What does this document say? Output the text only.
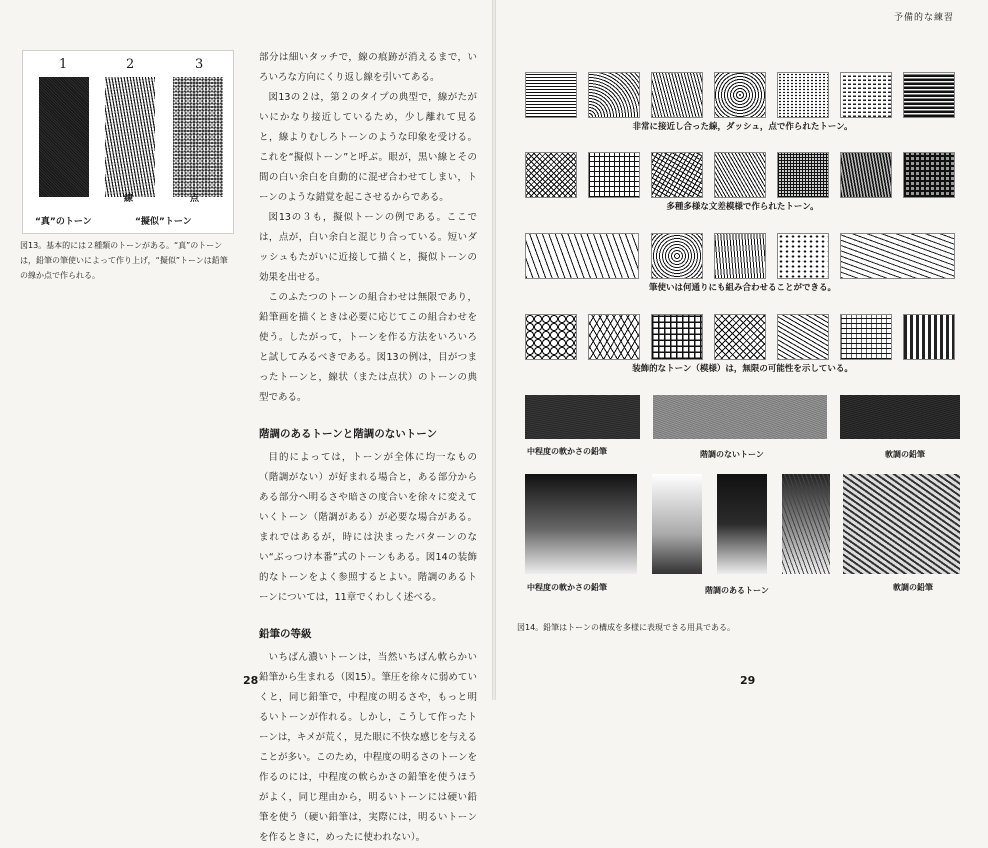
予備的な練習
1	2	3
線	点
“真”のトーン	“擬似”トーン
図13。基本的には２種類のトーンがある。“真”のトーンは，鉛筆の筆使いによって作り上げ，“擬似”トーンは鉛筆の線か点で作られる。

部分は細いタッチで，線の痕跡が消えるまで，いろいろな方向にくり返し線を引いてある。

図13の２は，第２のタイプの典型で，線がたがいにかなり接近しているため，少し離れて見ると，線よりむしろトーンのような印象を受ける。これを“擬似トーン”と呼ぶ。眼が，黒い線とその間の白い余白を自動的に混ぜ合わせてしまい，トーンのような錯覚を起こさせるからである。

図13の３も，擬似トーンの例である。ここでは，点が，白い余白と混じり合っている。短いダッシュもたがいに近接して描くと，擬似トーンの効果を出せる。

このふたつのトーンの組合わせは無限であり，鉛筆画を描くときは必要に応じてこの組合わせを使う。したがって，トーンを作る方法をいろいろと試してみるべきである。図13の例は，目がつまったトーンと，線状（または点状）のトーンの典型である。

階調のあるトーンと階調のないトーン

目的によっては，トーンが全体に均一なもの（階調がない）が好まれる場合と，ある部分からある部分へ明るさや暗さの度合いを徐々に変えていくトーン（階調がある）が必要な場合がある。まれではあるが，時には決まったパターンのない“ぶっつけ本番”式のトーンもある。図14の装飾的なトーンをよく参照するとよい。階調のあるトーンについては，11章でくわしく述べる。

鉛筆の等級

いちばん濃いトーンは，当然いちばん軟らかい鉛筆から生まれる（図15）。筆圧を徐々に弱めていくと，同じ鉛筆で，中程度の明るさや，もっと明るいトーンが作れる。しかし，こうして作ったトーンは，キメが荒く，見た眼に不快な感じを与えることが多い。このため，中程度の明るさのトーンを作るのには，中程度の軟らかさの鉛筆を使うほうがよく，同じ理由から，明るいトーンには硬い鉛筆を使う（硬い鉛筆は，実際には，明るいトーンを作るときに，めったに使われない）。

28
非常に接近し合った線，ダッシュ，点で作られたトーン。
多種多様な文差模様で作られたトーン。
筆使いは何通りにも組み合わせることができる。
装飾的なトーン（模様）は，無限の可能性を示している。
中程度の軟かさの鉛筆	階調のないトーン	軟調の鉛筆
中程度の軟かさの鉛筆	階調のあるトーン	軟調の鉛筆
図14。鉛筆はトーンの構成を多様に表現できる用具である。
29
